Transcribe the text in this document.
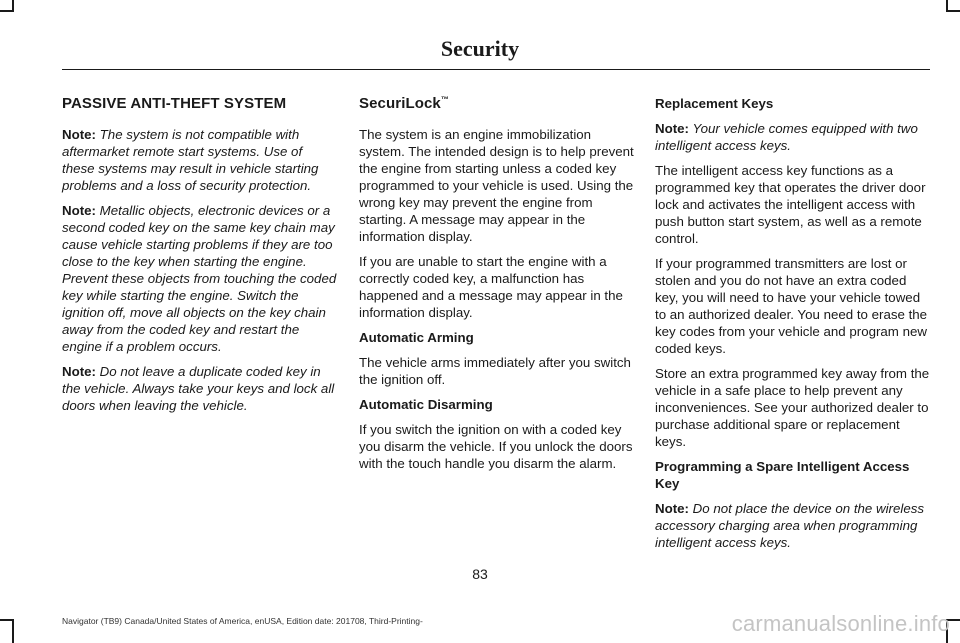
Security
PASSIVE ANTI-THEFT SYSTEM

Note: The system is not compatible with aftermarket remote start systems. Use of these systems may result in vehicle starting problems and a loss of security protection.

Note: Metallic objects, electronic devices or a second coded key on the same key chain may cause vehicle starting problems if they are too close to the key when starting the engine. Prevent these objects from touching the coded key while starting the engine. Switch the ignition off, move all objects on the key chain away from the coded key and restart the engine if a problem occurs.

Note: Do not leave a duplicate coded key in the vehicle. Always take your keys and lock all doors when leaving the vehicle.

SecuriLock™

The system is an engine immobilization system. The intended design is to help prevent the engine from starting unless a coded key programmed to your vehicle is used. Using the wrong key may prevent the engine from starting. A message may appear in the information display.

If you are unable to start the engine with a correctly coded key, a malfunction has happened and a message may appear in the information display.

Automatic Arming

The vehicle arms immediately after you switch the ignition off.

Automatic Disarming

If you switch the ignition on with a coded key you disarm the vehicle. If you unlock the doors with the touch handle you disarm the alarm.

Replacement Keys

Note: Your vehicle comes equipped with two intelligent access keys.

The intelligent access key functions as a programmed key that operates the driver door lock and activates the intelligent access with push button start system, as well as a remote control.

If your programmed transmitters are lost or stolen and you do not have an extra coded key, you will need to have your vehicle towed to an authorized dealer. You need to erase the key codes from your vehicle and program new coded keys.

Store an extra programmed key away from the vehicle in a safe place to help prevent any inconveniences. See your authorized dealer to purchase additional spare or replacement keys.

Programming a Spare Intelligent Access Key

Note: Do not place the device on the wireless accessory charging area when programming intelligent access keys.

83
Navigator (TB9) Canada/United States of America, enUSA, Edition date: 201708, Third-Printing-	carmanualsonline.info
